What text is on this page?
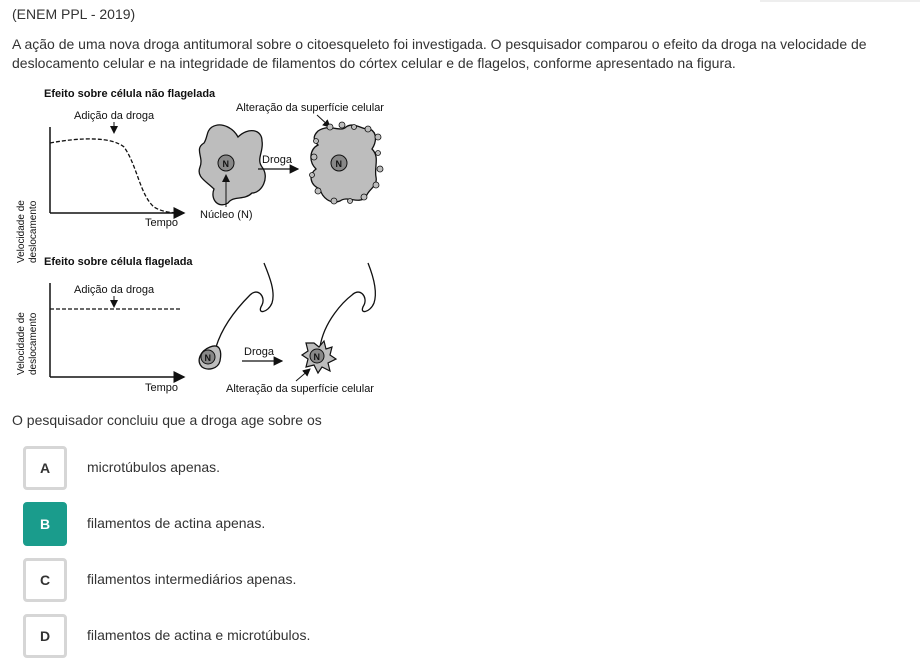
(ENEM PPL - 2019)
A ação de uma nova droga antitumoral sobre o citoesqueleto foi investigada. O pesquisador comparou o efeito da droga na velocidade de deslocamento celular e na integridade de filamentos do córtex celular e de flagelos, conforme apresentado na figura.
Efeito sobre célula não flagelada
Adição da droga
Velocidade de deslocamento	Tempo
Alteração da superfície celular
N
Núcleo (N)
Droga	N
Efeito sobre célula flagelada
Adição da droga
Velocidade de deslocamento
Tempo
N	Droga	N
Alteração da superfície celular
O pesquisador concluiu que a droga age sobre os
A	microtúbulos apenas.
B	filamentos de actina apenas.
C	filamentos intermediários apenas.
D	filamentos de actina e microtúbulos.
